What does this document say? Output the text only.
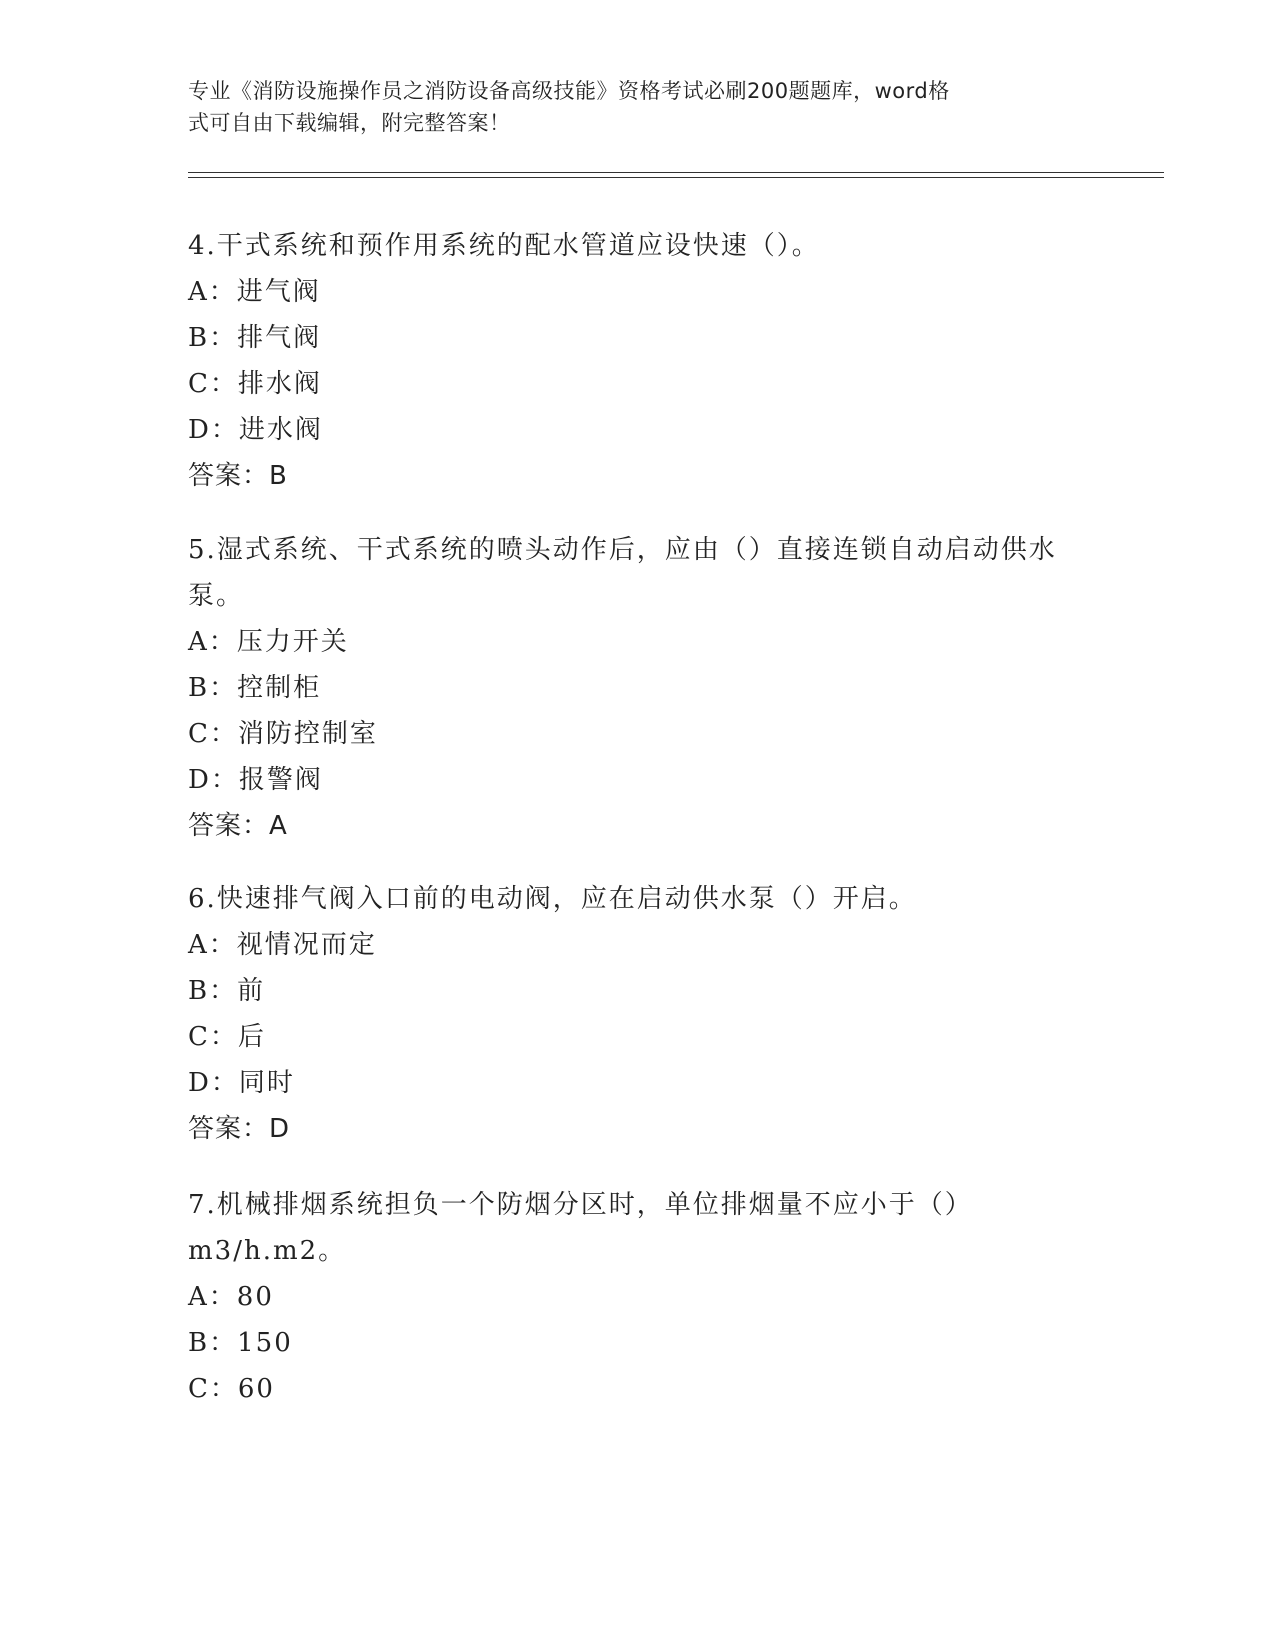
专业《消防设施操作员之消防设备高级技能》资格考试必刷200题题库，word格
式可自由下载编辑，附完整答案！

4.干式系统和预作用系统的配水管道应设快速（）。

A：进气阀

B：排气阀

C：排水阀

D：进水阀

答案：B

5.湿式系统、干式系统的喷头动作后，应由（）直接连锁自动启动供水泵。

A：压力开关

B：控制柜

C：消防控制室

D：报警阀

答案：A

6.快速排气阀入口前的电动阀，应在启动供水泵（）开启。

A：视情况而定

B：前

C：后

D：同时

答案：D

7.机械排烟系统担负一个防烟分区时，单位排烟量不应小于（）m3/h.m2。

A：80

B：150

C：60
